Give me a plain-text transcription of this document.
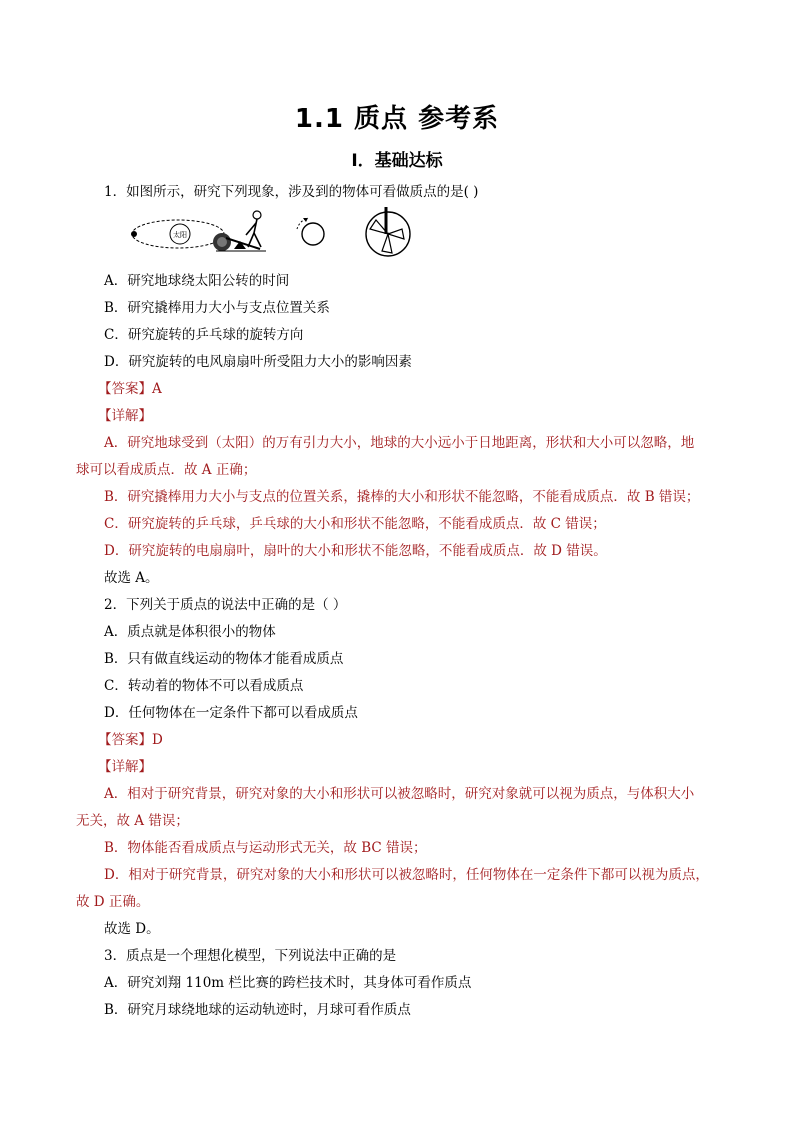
1.1 质点 参考系
Ⅰ．基础达标
1．如图所示，研究下列现象，涉及到的物体可看做质点的是( )
太阳
A．研究地球绕太阳公转的时间
B．研究撬棒用力大小与支点位置关系
C．研究旋转的乒乓球的旋转方向
D．研究旋转的电风扇扇叶所受阻力大小的影响因素
【答案】A
【详解】
A．研究地球受到（太阳）的万有引力大小，地球的大小远小于日地距离，形状和大小可以忽略，地
球可以看成质点．故 A 正确；
B．研究撬棒用力大小与支点的位置关系，撬棒的大小和形状不能忽略，不能看成质点．故 B 错误；
C．研究旋转的乒乓球，乒乓球的大小和形状不能忽略，不能看成质点．故 C 错误；
D．研究旋转的电扇扇叶，扇叶的大小和形状不能忽略，不能看成质点．故 D 错误。
故选 A。
2．下列关于质点的说法中正确的是（ ）
A．质点就是体积很小的物体
B．只有做直线运动的物体才能看成质点
C．转动着的物体不可以看成质点
D．任何物体在一定条件下都可以看成质点
【答案】D
【详解】
A．相对于研究背景，研究对象的大小和形状可以被忽略时，研究对象就可以视为质点，与体积大小
无关，故 A 错误；
B．物体能否看成质点与运动形式无关，故 BC 错误；
D．相对于研究背景，研究对象的大小和形状可以被忽略时，任何物体在一定条件下都可以视为质点，
故 D 正确。
故选 D。
3．质点是一个理想化模型，下列说法中正确的是
A．研究刘翔 110m 栏比赛的跨栏技术时，其身体可看作质点
B．研究月球绕地球的运动轨迹时，月球可看作质点
